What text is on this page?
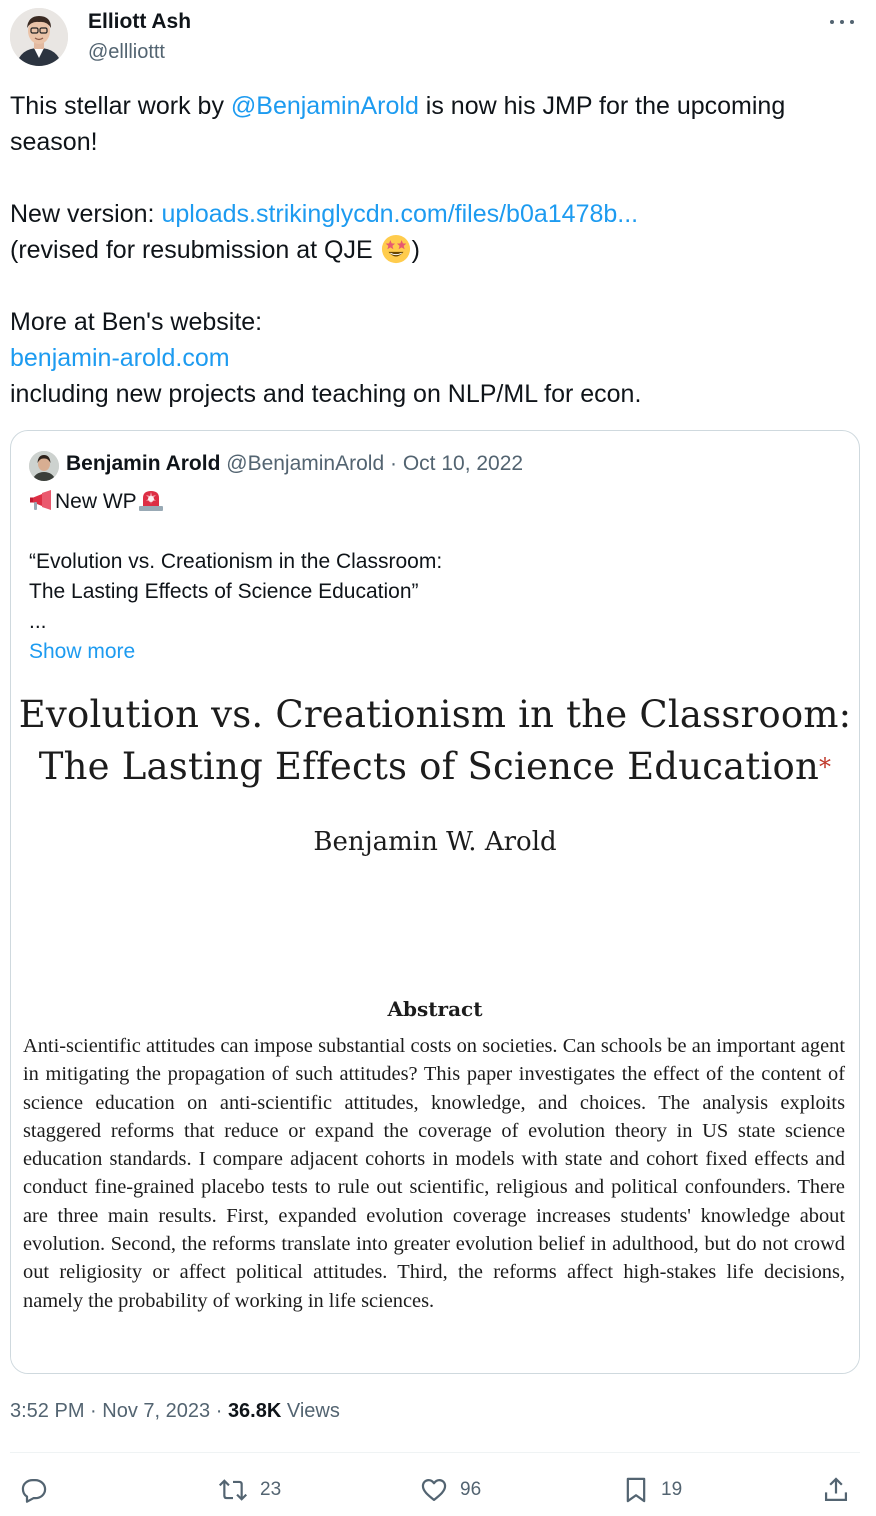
Elliott Ash
@ellliottt
This stellar work by @BenjaminArold is now his JMP for the upcoming
season!
New version: uploads.strikinglycdn.com/files/b0a1478b...
(revised for resubmission at QJE )
More at Ben's website:
benjamin-arold.com
including new projects and teaching on NLP/ML for econ.
Benjamin Arold @BenjaminArold · Oct 10, 2022
New WP
“Evolution vs. Creationism in the Classroom:
The Lasting Effects of Science Education”
...
Show more
Evolution vs. Creationism in the Classroom:
The Lasting Effects of Science Education*
Benjamin W. Arold
Abstract
Anti-scientific attitudes can impose substantial costs on societies. Can schools be an important agent in mitigating the propagation of such attitudes? This paper investigates the effect of the content of science education on anti-scientific attitudes, knowledge, and choices. The analysis exploits staggered reforms that reduce or expand the coverage of evolution theory in US state science education standards. I compare adjacent cohorts in models with state and cohort fixed effects and conduct fine-grained placebo tests to rule out scientific, religious and political confounders. There are three main results. First, expanded evolution coverage increases students' knowledge about evolution. Second, the reforms translate into greater evolution belief in adulthood, but do not crowd out religiosity or affect political attitudes. Third, the reforms affect high-stakes life decisions, namely the probability of working in life sciences.
3:52 PM · Nov 7, 2023 · 36.8K Views
23	96	19
